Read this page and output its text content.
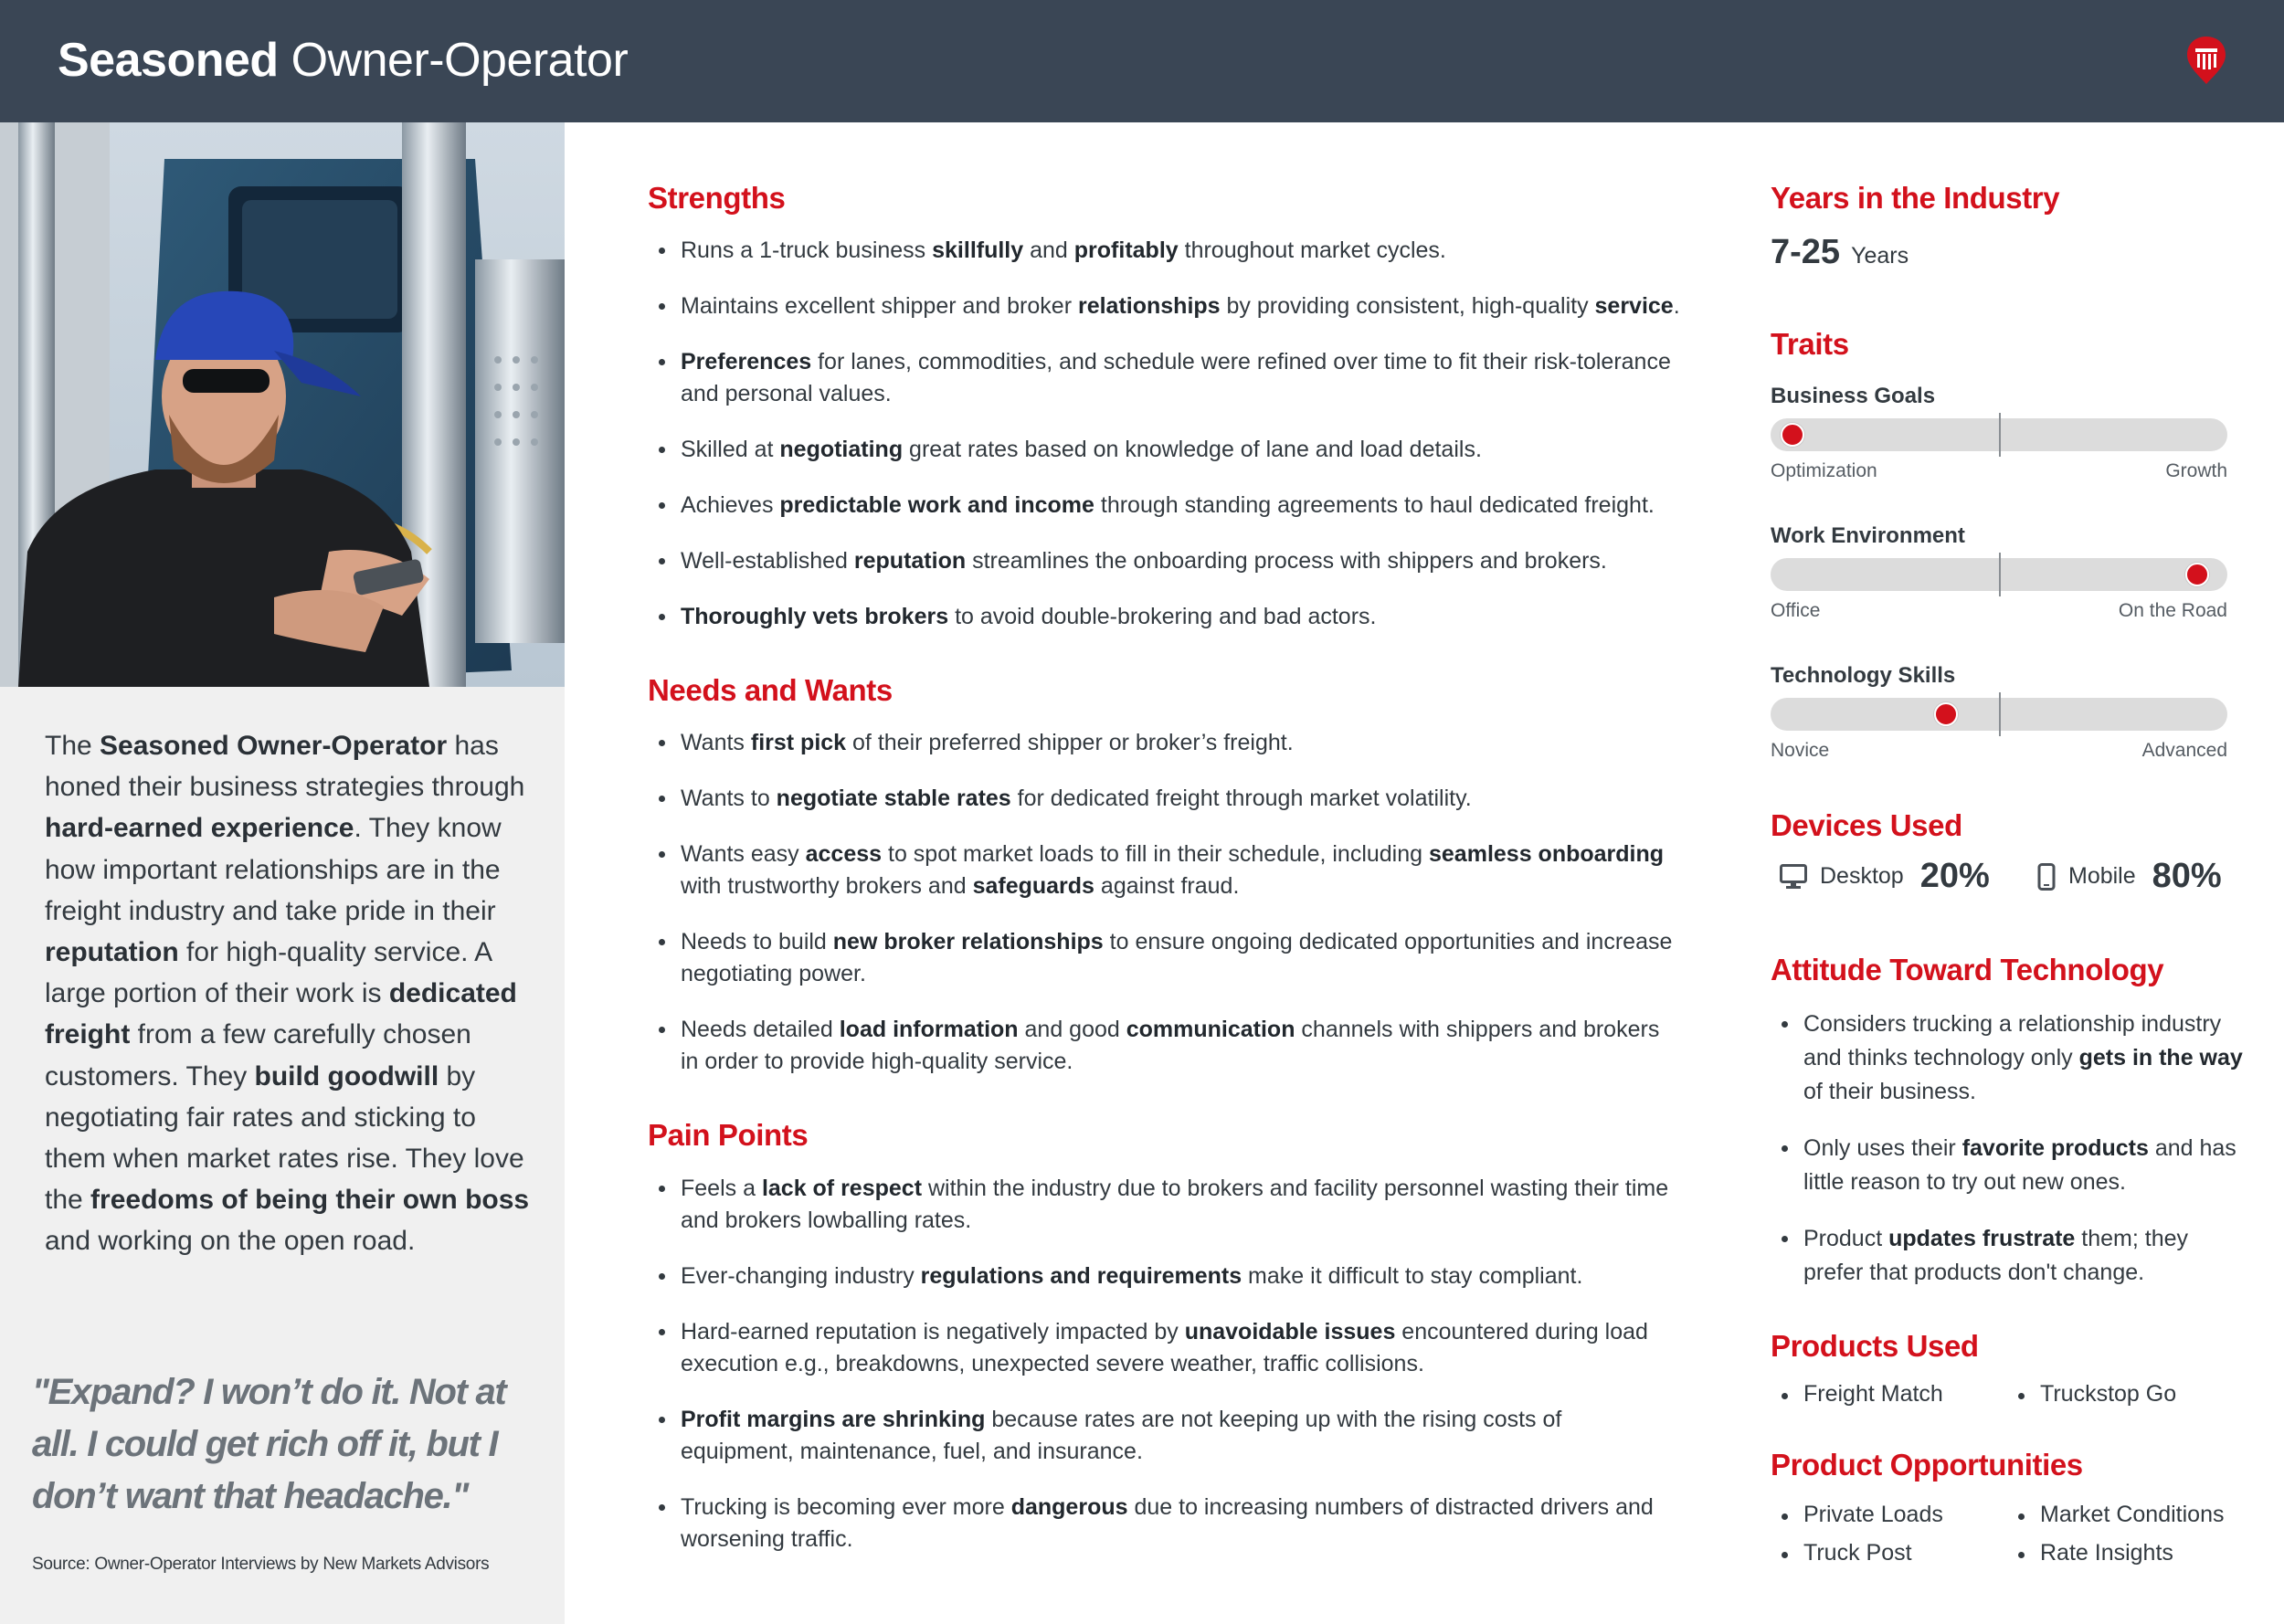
Seasoned Owner-Operator

The Seasoned Owner-Operator has honed their business strategies through hard-earned experience. They know how important relationships are in the freight industry and take pride in their reputation for high-quality service. A large portion of their work is dedicated freight from a few carefully chosen customers. They build goodwill by negotiating fair rates and sticking to them when market rates rise. They love the freedoms of being their own boss and working on the open road.

"Expand? I won’t do it. Not at all. I could get rich off it, but I don’t want that headache."

Source: Owner-Operator Interviews by New Markets Advisors

Strengths
Runs a 1-truck business skillfully and profitably throughout market cycles.
Maintains excellent shipper and broker relationships by providing consistent, high-quality service.
Preferences for lanes, commodities, and schedule were refined over time to fit their risk-tolerance and personal values.
Skilled at negotiating great rates based on knowledge of lane and load details.
Achieves predictable work and income through standing agreements to haul dedicated freight.
Well-established reputation streamlines the onboarding process with shippers and brokers.
Thoroughly vets brokers to avoid double-brokering and bad actors.
Needs and Wants
Wants first pick of their preferred shipper or broker’s freight.
Wants to negotiate stable rates for dedicated freight through market volatility.
Wants easy access to spot market loads to fill in their schedule, including seamless onboarding with trustworthy brokers and safeguards against fraud.
Needs to build new broker relationships to ensure ongoing dedicated opportunities and increase negotiating power.
Needs detailed load information and good communication channels with shippers and brokers in order to provide high-quality service.
Pain Points
Feels a lack of respect within the industry due to brokers and facility personnel wasting their time and brokers lowballing rates.
Ever-changing industry regulations and requirements make it difficult to stay compliant.
Hard-earned reputation is negatively impacted by unavoidable issues encountered during load execution e.g., breakdowns, unexpected severe weather, traffic collisions.
Profit margins are shrinking because rates are not keeping up with the rising costs of equipment, maintenance, fuel, and insurance.
Trucking is becoming ever more dangerous due to increasing numbers of distracted drivers and worsening traffic.
Years in the Industry
7-25 Years
Traits
Business Goals
Optimization	Growth
Work Environment
Office	On the Road
Technology Skills
Novice	Advanced
Devices Used
Desktop 20%	Mobile 80%
Attitude Toward Technology
Considers trucking a relationship industry and thinks technology only gets in the way of their business.
Only uses their favorite products and has little reason to try out new ones.
Product updates frustrate them; they prefer that products don't change.
Products Used
Freight Match	Truckstop Go
Product Opportunities
Private Loads	Market Conditions
Truck Post	Rate Insights
